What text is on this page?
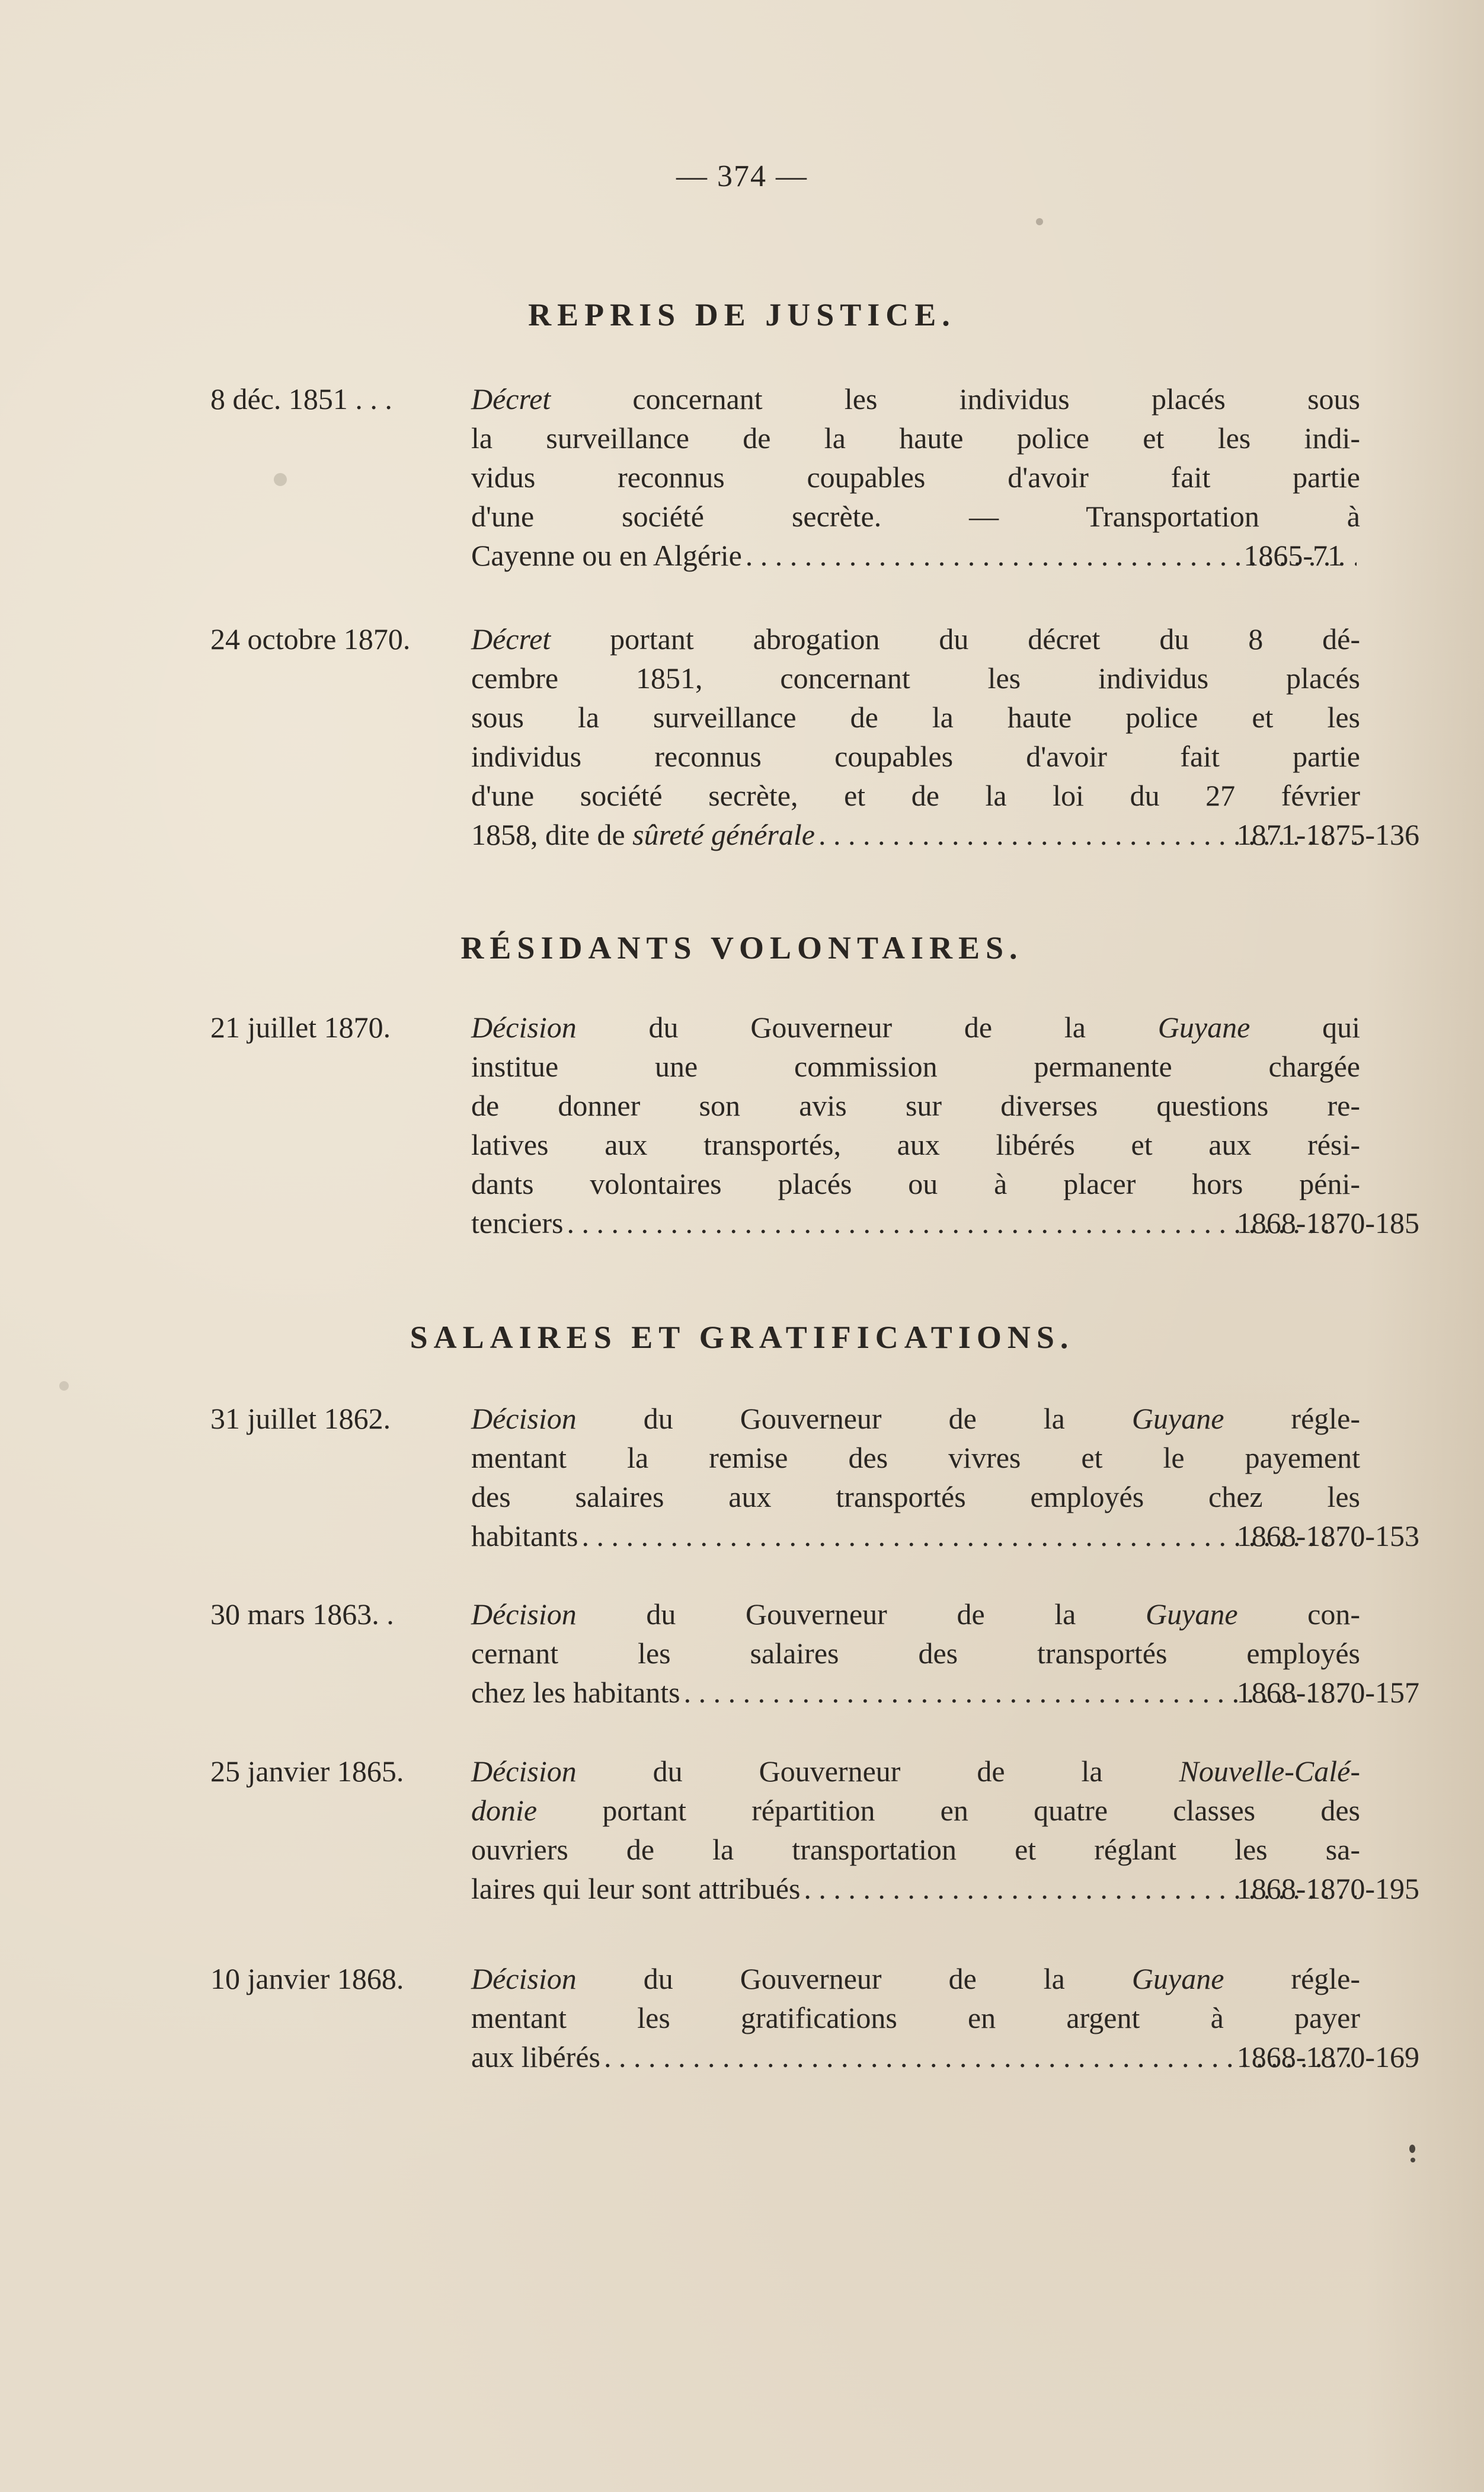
— 374 —
REPRIS DE JUSTICE.
8 déc. 1851 . . .	Décret concernant les individus placés sous
la surveillance de la haute police et les indi-
vidus reconnus coupables d'avoir fait partie
d'une société secrète. — Transportation à
Cayenne ou en Algérie . . .	1865-71
24 octobre 1870. Décret portant abrogation du décret du 8 dé-
cembre 1851, concernant les individus placés
sous la surveillance de la haute police et les
individus reconnus coupables d'avoir fait partie
d'une société secrète, et de la loi du 27 février
1858, dite de sûreté générale . . .	1871-1875-136
RÉSIDANTS VOLONTAIRES.
21 juillet 1870.	Décision du Gouverneur de la Guyane qui
institue une commission permanente chargée
de donner son avis sur diverses questions re-
latives aux transportés, aux libérés et aux rési-
dants volontaires placés ou à placer hors péni-
tenciers . . .	1868-1870-185
SALAIRES ET GRATIFICATIONS.
31 juillet 1862.	Décision du Gouverneur de la Guyane régle-
mentant la remise des vivres et le payement
des salaires aux transportés employés chez les
habitants . . .	1868-1870-153
30 mars 1863. .	Décision du Gouverneur de la Guyane con-
cernant les salaires des transportés employés
chez les habitants . . .	1868-1870-157
25 janvier 1865. Décision du Gouverneur de la Nouvelle-Calé-
donie portant répartition en quatre classes des
ouvriers de la transportation et réglant les sa-
laires qui leur sont attribués . . .	1868-1870-195
10 janvier 1868. Décision du Gouverneur de la Guyane régle-
mentant les gratifications en argent à payer
aux libérés . . .	1868-1870-169
